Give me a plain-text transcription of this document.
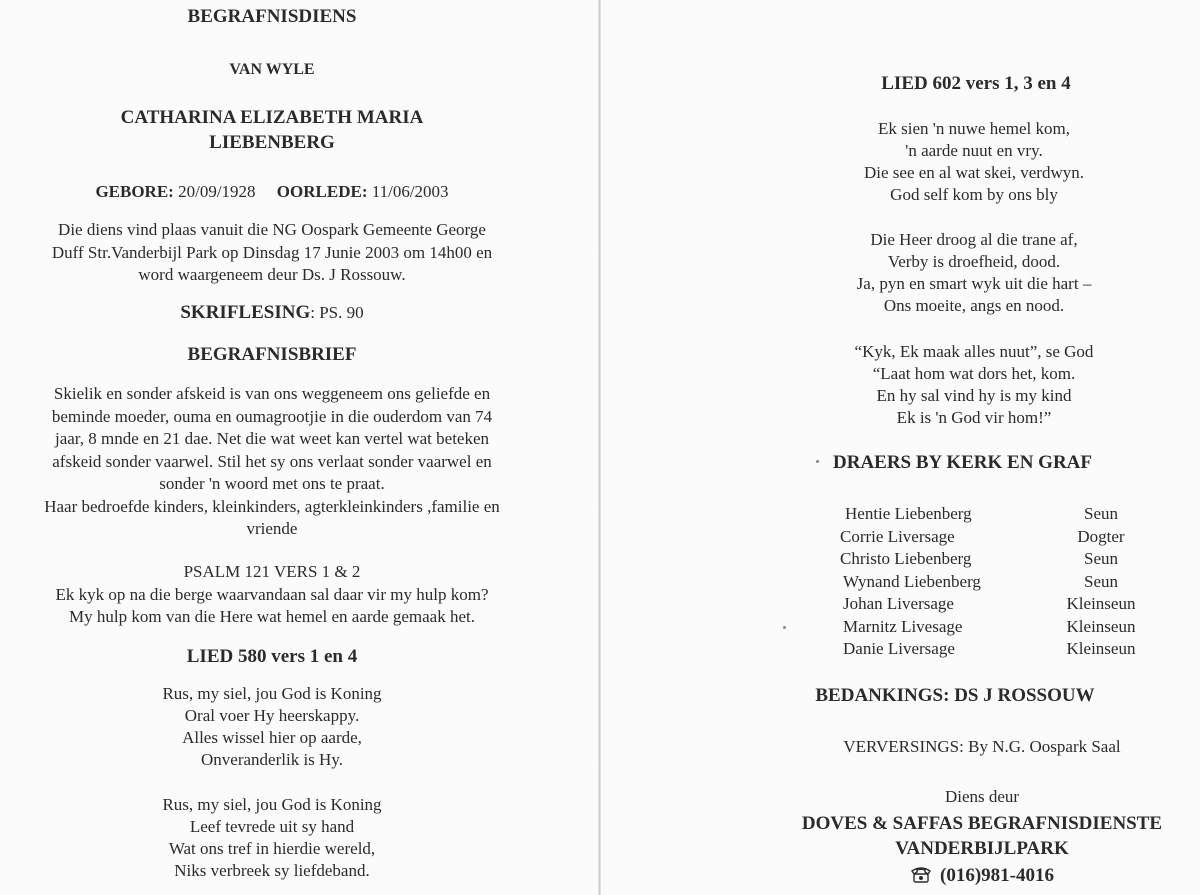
BEGRAFNISDIENS
VAN WYLE
CATHARINA ELIZABETH MARIA
LIEBENBERG
GEBORE: 20/09/1928 OORLEDE: 11/06/2003
Die diens vind plaas vanuit die NG Oospark Gemeente George
Duff Str.Vanderbijl Park op Dinsdag 17 Junie 2003 om 14h00 en
word waargeneem deur Ds. J Rossouw.
SKRIFLESING: PS. 90
BEGRAFNISBRIEF
Skielik en sonder afskeid is van ons weggeneem ons geliefde en
beminde moeder, ouma en oumagrootjie in die ouderdom van 74
jaar, 8 mnde en 21 dae. Net die wat weet kan vertel wat beteken
afskeid sonder vaarwel. Stil het sy ons verlaat sonder vaarwel en
sonder 'n woord met ons te praat.
Haar bedroefde kinders, kleinkinders, agterkleinkinders ,familie en
vriende
PSALM 121 VERS 1 & 2
Ek kyk op na die berge waarvandaan sal daar vir my hulp kom?
My hulp kom van die Here wat hemel en aarde gemaak het.
LIED 580 vers 1 en 4
Rus, my siel, jou God is Koning
Oral voer Hy heerskappy.
Alles wissel hier op aarde,
Onveranderlik is Hy.
Rus, my siel, jou God is Koning
Leef tevrede uit sy hand
Wat ons tref in hierdie wereld,
Niks verbreek sy liefdeband.
LIED 602 vers 1, 3 en 4
Ek sien 'n nuwe hemel kom,
'n aarde nuut en vry.
Die see en al wat skei, verdwyn.
God self kom by ons bly
Die Heer droog al die trane af,
Verby is droefheid, dood.
Ja, pyn en smart wyk uit die hart –
Ons moeite, angs en nood.
“Kyk, Ek maak alles nuut”, se God
“Laat hom wat dors het, kom.
En hy sal vind hy is my kind
Ek is 'n God vir hom!”
DRAERS BY KERK EN GRAF
Hentie Liebenberg	Seun
Corrie Liversage	Dogter
Christo Liebenberg	Seun
Wynand Liebenberg	Seun
Johan Liversage	Kleinseun
Marnitz Livesage	Kleinseun
Danie Liversage	Kleinseun
BEDANKINGS: DS J ROSSOUW
VERVERSINGS: By N.G. Oospark Saal
Diens deur
DOVES & SAFFAS BEGRAFNISDIENSTE
VANDERBIJLPARK
(016)981-4016
